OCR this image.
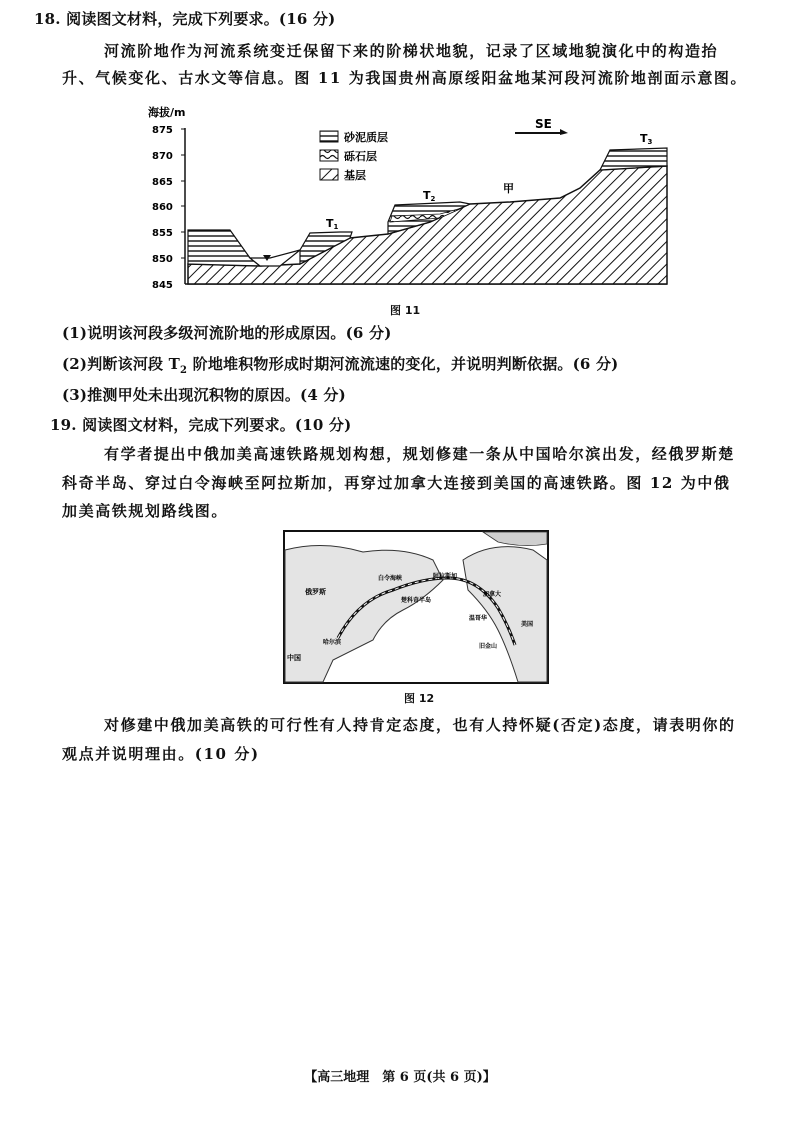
18. 阅读图文材料，完成下列要求。(16 分)
河流阶地作为河流系统变迁保留下来的阶梯状地貌，记录了区域地貌演化中的构造抬
升、气候变化、古水文等信息。图 11 为我国贵州高原绥阳盆地某河段河流阶地剖面示意图。
海拔/m
875
870
865
860
855
850
845
砂泥质层
砾石层
基层
SE
T1
T2
T3
甲
图 11
(1)说明该河段多级河流阶地的形成原因。(6 分)
(2)判断该河段 $T_2$ 阶地堆积物形成时期河流流速的变化，并说明判断依据。(6 分)
(3)推测甲处未出现沉积物的原因。(4 分)
19. 阅读图文材料，完成下列要求。(10 分)
有学者提出中俄加美高速铁路规划构想，规划修建一条从中国哈尔滨出发，经俄罗斯楚
科奇半岛、穿过白令海峡至阿拉斯加，再穿过加拿大连接到美国的高速铁路。图 12 为中俄
加美高铁规划路线图。
俄罗斯
楚科奇半岛
白令海峡	阿拉斯加
加拿大
哈尔滨
温哥华
美国
旧金山
中国
图 12
对修建中俄加美高铁的可行性有人持肯定态度，也有人持怀疑(否定)态度，请表明你的
观点并说明理由。(10 分)
【高三地理　第 6 页(共 6 页)】
